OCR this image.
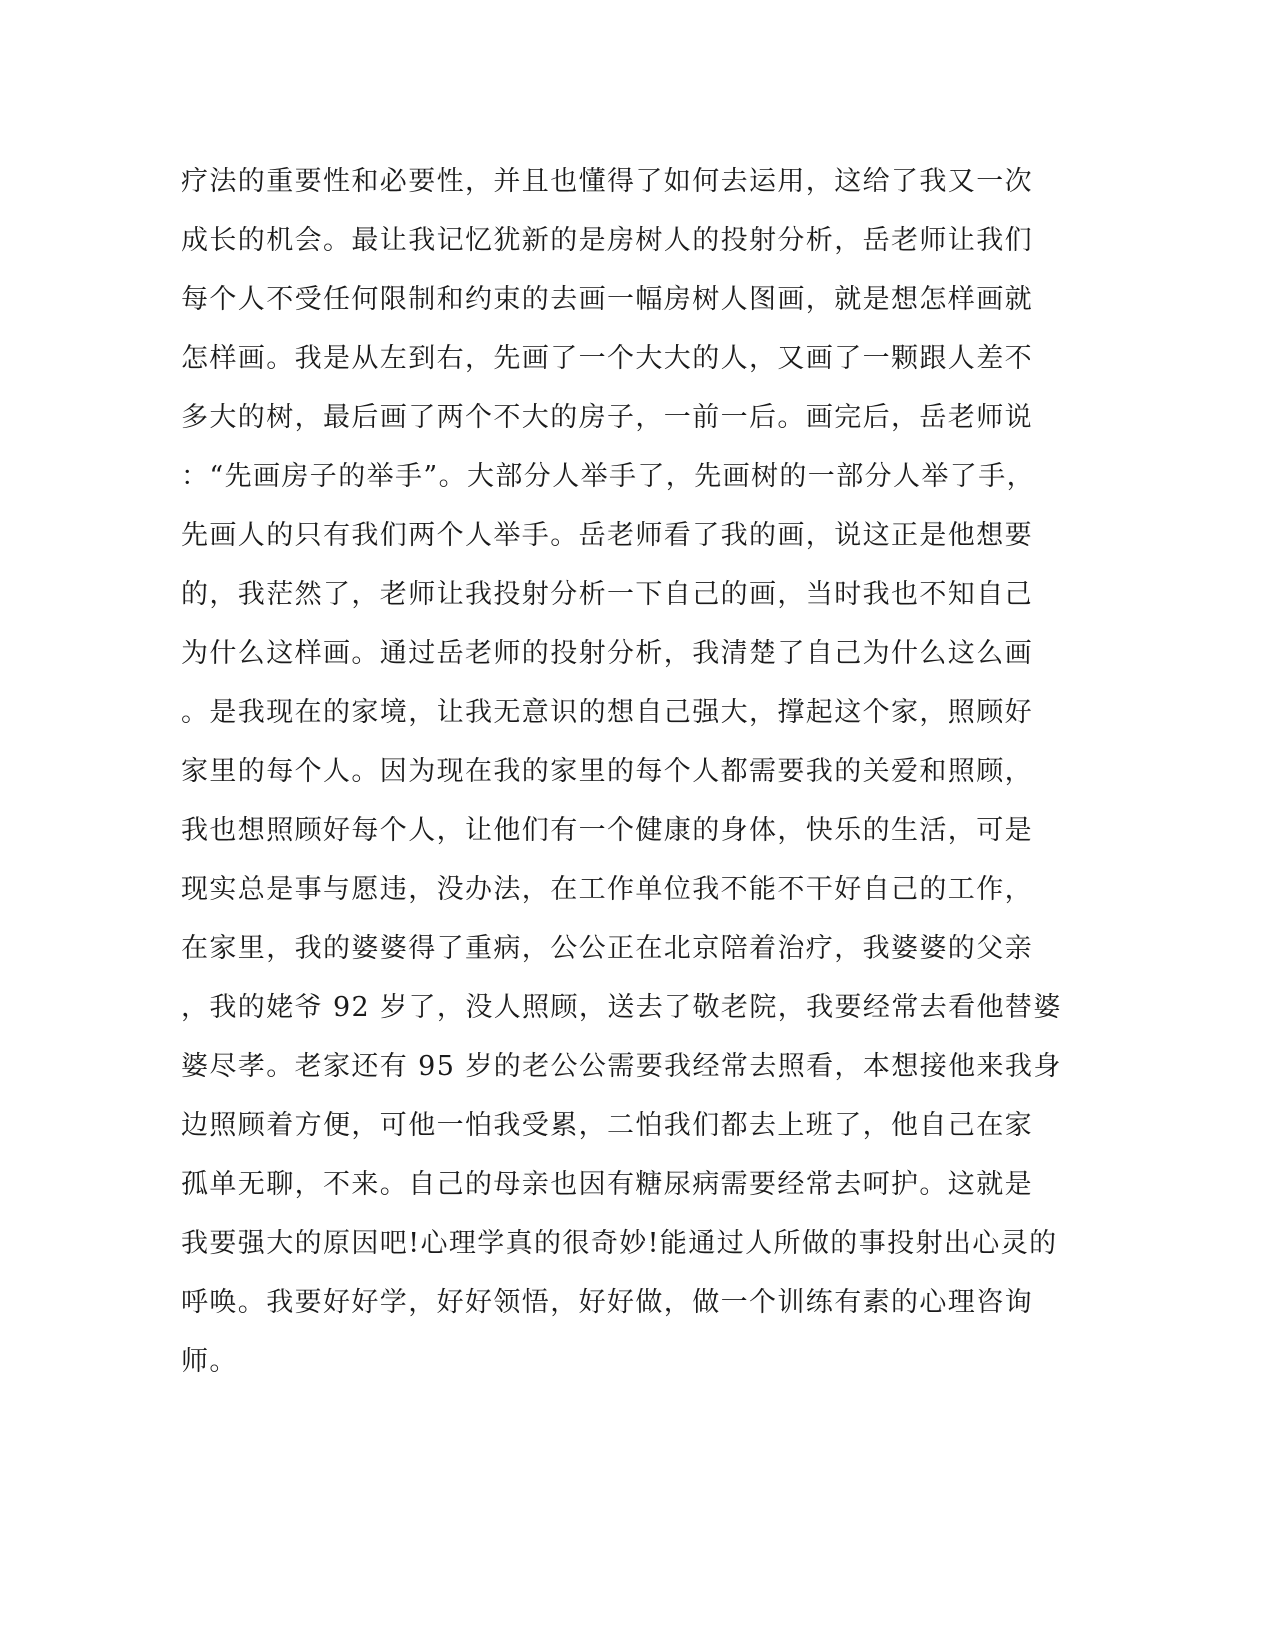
疗法的重要性和必要性，并且也懂得了如何去运用，这给了我又一次
成长的机会。最让我记忆犹新的是房树人的投射分析，岳老师让我们
每个人不受任何限制和约束的去画一幅房树人图画，就是想怎样画就
怎样画。我是从左到右，先画了一个大大的人，又画了一颗跟人差不
多大的树，最后画了两个不大的房子，一前一后。画完后，岳老师说
：“先画房子的举手”。大部分人举手了，先画树的一部分人举了手，
先画人的只有我们两个人举手。岳老师看了我的画，说这正是他想要
的，我茫然了，老师让我投射分析一下自己的画，当时我也不知自己
为什么这样画。通过岳老师的投射分析，我清楚了自己为什么这么画
。是我现在的家境，让我无意识的想自己强大，撑起这个家，照顾好
家里的每个人。因为现在我的家里的每个人都需要我的关爱和照顾，
我也想照顾好每个人，让他们有一个健康的身体，快乐的生活，可是
现实总是事与愿违，没办法，在工作单位我不能不干好自己的工作，
在家里，我的婆婆得了重病，公公正在北京陪着治疗，我婆婆的父亲
，我的姥爷 92 岁了，没人照顾，送去了敬老院，我要经常去看他替婆
婆尽孝。老家还有 95 岁的老公公需要我经常去照看，本想接他来我身
边照顾着方便，可他一怕我受累，二怕我们都去上班了，他自己在家
孤单无聊，不来。自己的母亲也因有糖尿病需要经常去呵护。这就是
我要强大的原因吧!心理学真的很奇妙!能通过人所做的事投射出心灵的
呼唤。我要好好学，好好领悟，好好做，做一个训练有素的心理咨询
师。
